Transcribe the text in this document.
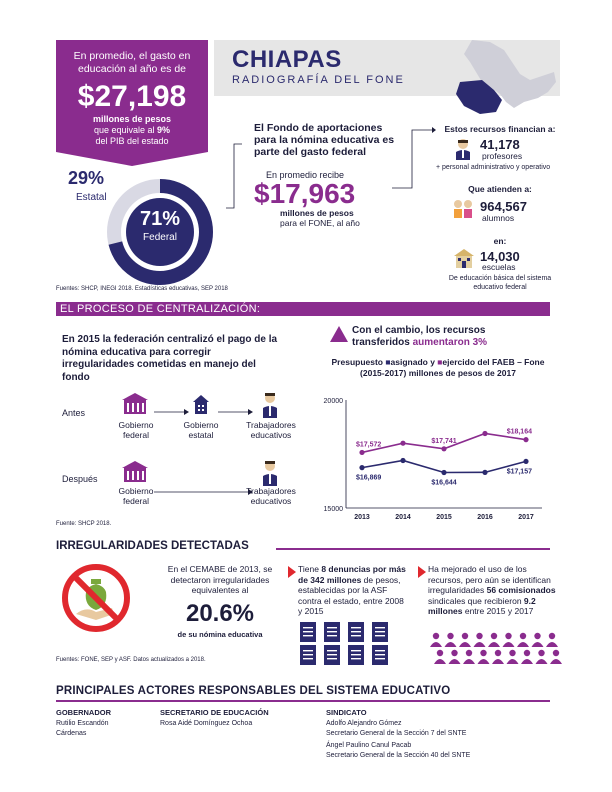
En promedio, el gasto en educación al año es de
$27,198
millones de pesos
que equivale al 9%
del PIB del estado
CHIAPAS
RADIOGRAFÍA DEL FONE
29%
Estatal
71%
Federal
El Fondo de aportaciones para la nómina educativa es parte del gasto federal
En promedio recibe
$17,963
millones de pesos
para el FONE, al año
Estos recursos financian a:
41,178
profesores
+ personal administrativo y operativo
Que atienden a:
964,567
alumnos
en:
14,030
escuelas
De educación básica del sistema educativo federal
Fuentes: SHCP, INEGI 2018. Estadísticas educativas, SEP 2018
EL PROCESO DE CENTRALIZACIÓN:
En 2015 la federación centralizó el pago de la nómina educativa para corregir irregularidades cometidas en manejo del fondo
Antes
Después
Gobierno federal
Gobierno estatal
Trabajadores educativos
Gobierno federal
Trabajadores educativos
Fuente: SHCP 2018.
Con el cambio, los recursos
transferidos aumentaron 3%
Presupuesto ■asignado y ■ejercido del FAEB – Fone
(2015-2017) millones de pesos de 2017
20000
15000
2013	2014	2015	2016	2017
$17,572
$17,741
$18,164
$16,869
$16,644
$17,157
IRREGULARIDADES DETECTADAS
En el CEMABE de 2013, se detectaron irregularidades equivalentes al
20.6%
de su nómina educativa
Tiene 8 denuncias por más de 342 millones de pesos, establecidas por la ASF contra el estado, entre 2008 y 2015
Ha mejorado el uso de los recursos, pero aún se identifican irregularidades 56 comisionados sindicales que recibieron 9.2 millones entre 2015 y 2017
Fuentes: FONE, SEP y ASF. Datos actualizados a 2018.
PRINCIPALES ACTORES RESPONSABLES DEL SISTEMA EDUCATIVO
GOBERNADOR
Rutilio Escandón
Cárdenas
SECRETARIO DE EDUCACIÓN
Rosa Aidé Domínguez Ochoa
SINDICATO
Adolfo Alejandro Gómez
Secretario General de la Sección 7 del SNTE
Ángel Paulino Canul Pacab
Secretario General de la Sección 40 del SNTE
